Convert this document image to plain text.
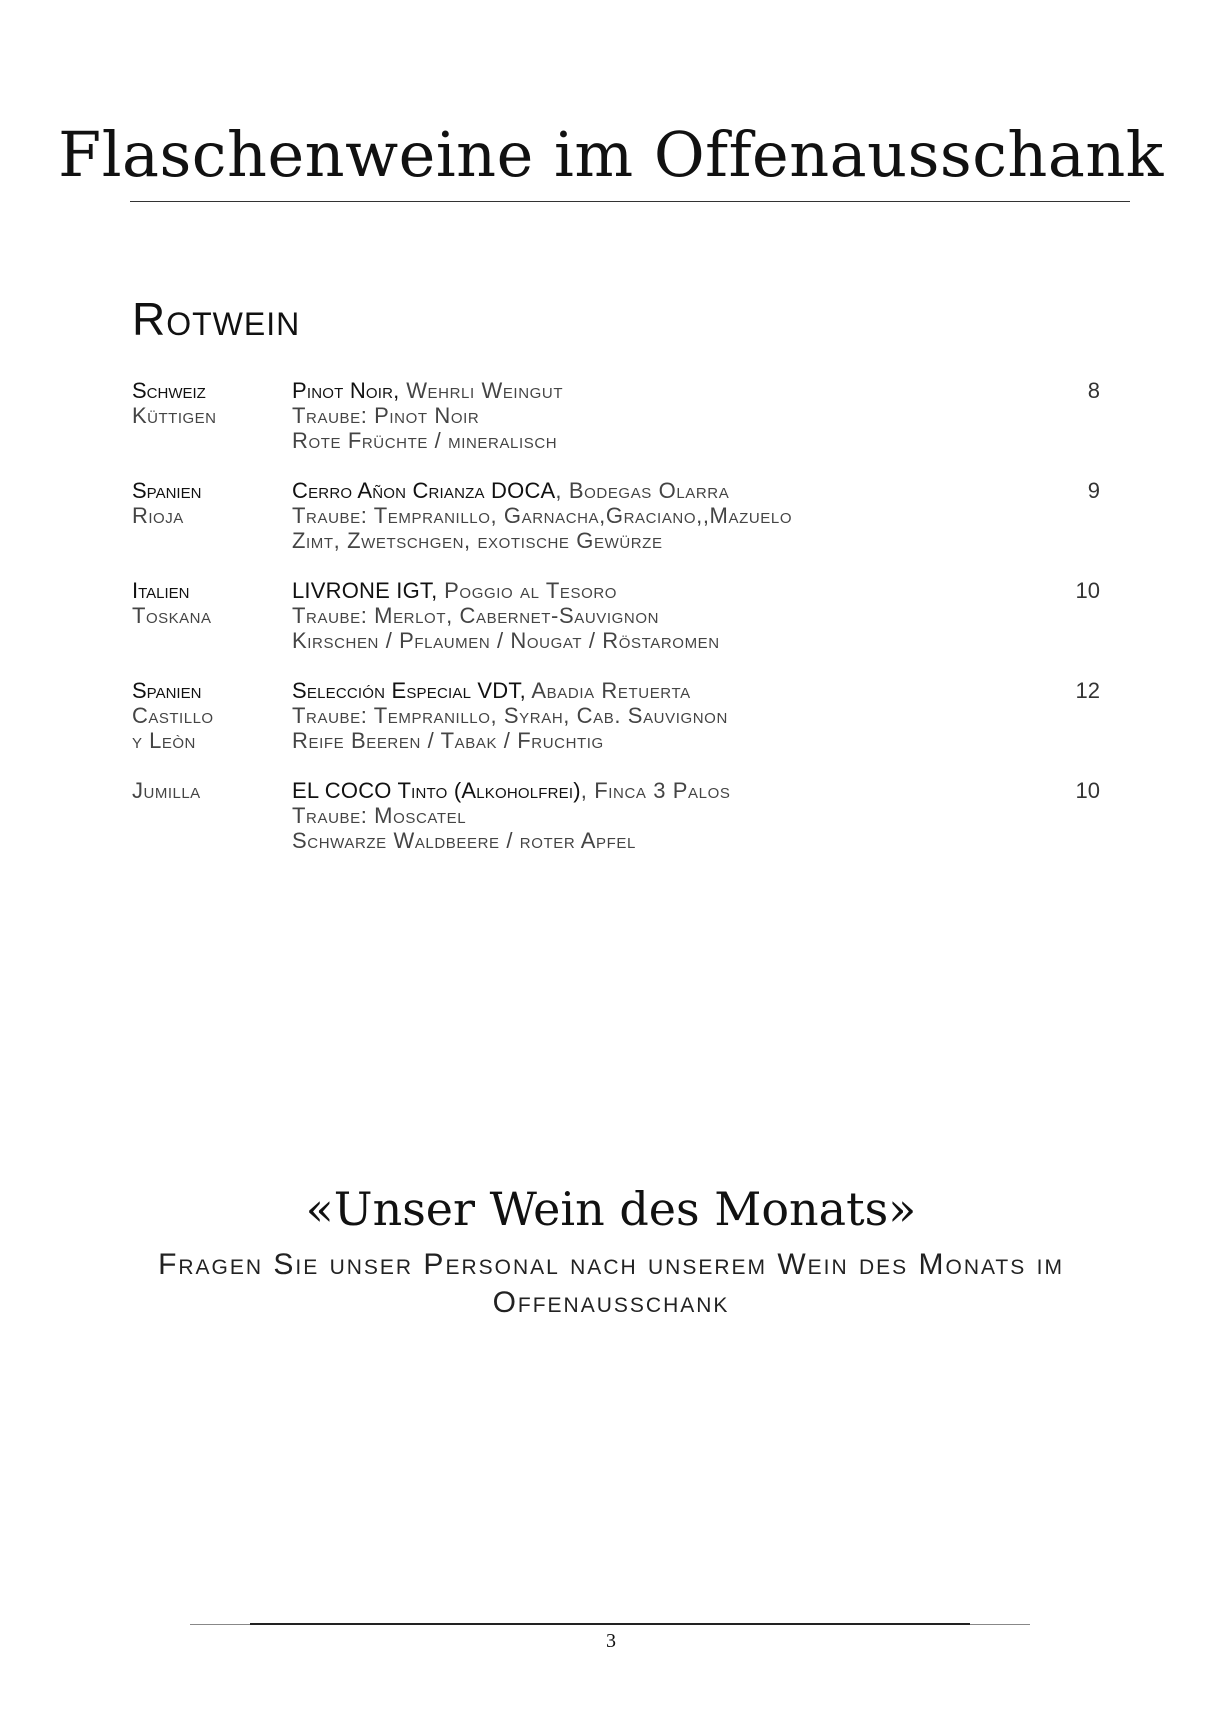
Flaschenweine im Offenausschank
Rotwein
Schweiz
Küttigen
Pinot Noir, Wehrli Weingut
Traube: Pinot Noir
Rote Früchte / mineralisch
8
Spanien
Rioja
Cerro Añon Crianza DOCA, Bodegas Olarra
Traube: Tempranillo, Garnacha,Graciano,,Mazuelo
Zimt, Zwetschgen, exotische Gewürze
9
Italien
Toskana
LIVRONE IGT, Poggio al Tesoro
Traube: Merlot, Cabernet-Sauvignon
Kirschen / Pflaumen / Nougat / Röstaromen
10
Spanien
Castillo
y Leòn
Selección Especial VDT, Abadia Retuerta
Traube: Tempranillo, Syrah, Cab. Sauvignon
Reife Beeren / Tabak / Fruchtig
12
Jumilla	EL COCO Tinto (Alkoholfrei), Finca 3 Palos
Traube: Moscatel
Schwarze Waldbeere / roter Apfel
10
«Unser Wein des Monats»
Fragen Sie unser Personal nach unserem Wein des Monats im Offenausschank
3
